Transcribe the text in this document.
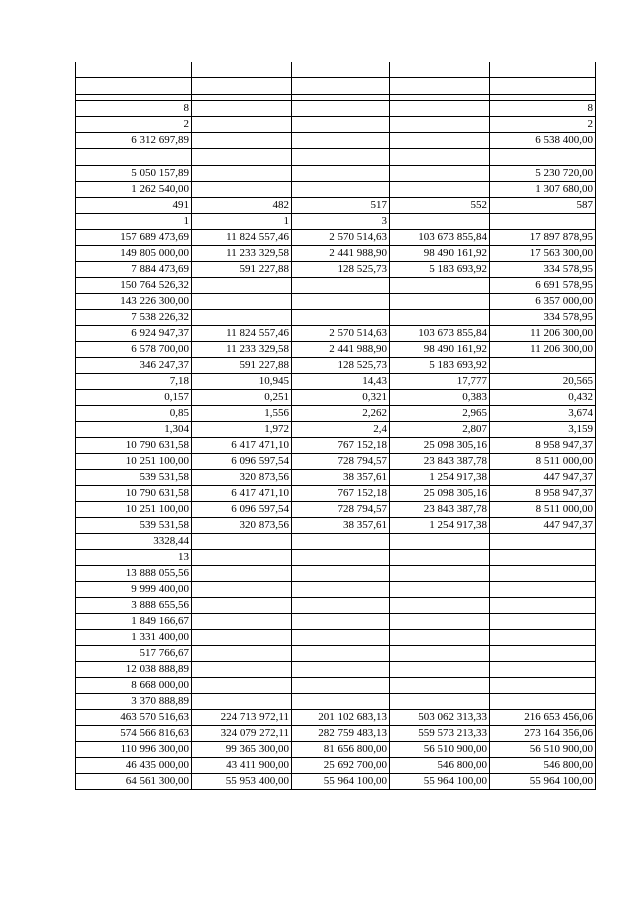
8				8
2				2
6 312 697,89				6 538 400,00

5 050 157,89				5 230 720,00
1 262 540,00				1 307 680,00
491	482	517	552	587
1	1	3		
157 689 473,69	11 824 557,46	2 570 514,63	103 673 855,84	17 897 878,95
149 805 000,00	11 233 329,58	2 441 988,90	98 490 161,92	17 563 300,00
7 884 473,69	591 227,88	128 525,73	5 183 693,92	334 578,95
150 764 526,32				6 691 578,95
143 226 300,00				6 357 000,00
7 538 226,32				334 578,95
6 924 947,37	11 824 557,46	2 570 514,63	103 673 855,84	11 206 300,00
6 578 700,00	11 233 329,58	2 441 988,90	98 490 161,92	11 206 300,00
346 247,37	591 227,88	128 525,73	5 183 693,92	
7,18	10,945	14,43	17,777	20,565
0,157	0,251	0,321	0,383	0,432
0,85	1,556	2,262	2,965	3,674
1,304	1,972	2,4	2,807	3,159
10 790 631,58	6 417 471,10	767 152,18	25 098 305,16	8 958 947,37
10 251 100,00	6 096 597,54	728 794,57	23 843 387,78	8 511 000,00
539 531,58	320 873,56	38 357,61	1 254 917,38	447 947,37
10 790 631,58	6 417 471,10	767 152,18	25 098 305,16	8 958 947,37
10 251 100,00	6 096 597,54	728 794,57	23 843 387,78	8 511 000,00
539 531,58	320 873,56	38 357,61	1 254 917,38	447 947,37
3328,44				
13				
13 888 055,56				
9 999 400,00				
3 888 655,56				
1 849 166,67				
1 331 400,00				
517 766,67				
12 038 888,89				
8 668 000,00				
3 370 888,89				
463 570 516,63	224 713 972,11	201 102 683,13	503 062 313,33	216 653 456,06
574 566 816,63	324 079 272,11	282 759 483,13	559 573 213,33	273 164 356,06
110 996 300,00	99 365 300,00	81 656 800,00	56 510 900,00	56 510 900,00
46 435 000,00	43 411 900,00	25 692 700,00	546 800,00	546 800,00
64 561 300,00	55 953 400,00	55 964 100,00	55 964 100,00	55 964 100,00
